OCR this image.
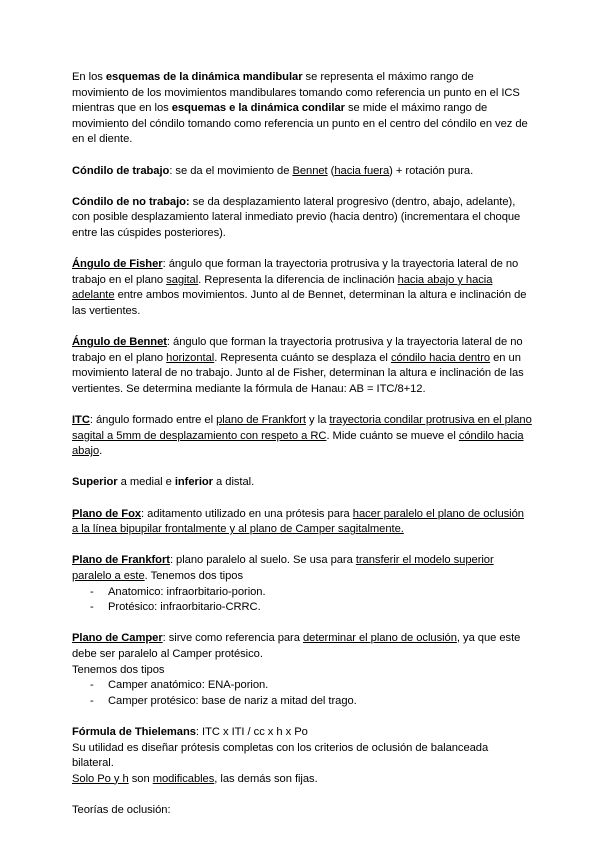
En los esquemas de la dinámica mandibular se representa el máximo rango de movimiento de los movimientos mandibulares tomando como referencia un punto en el ICS mientras que en los esquemas e la dinámica condilar se mide el máximo rango de movimiento del cóndilo tomando como referencia un punto en el centro del cóndilo en vez de en el diente.

Cóndilo de trabajo: se da el movimiento de Bennet (hacia fuera) + rotación pura.

Cóndilo de no trabajo: se da desplazamiento lateral progresivo (dentro, abajo, adelante), con posible desplazamiento lateral inmediato previo (hacia dentro) (incrementara el choque entre las cúspides posteriores).

Ángulo de Fisher: ángulo que forman la trayectoria protrusiva y la trayectoria lateral de no trabajo en el plano sagital. Representa la diferencia de inclinación hacia abajo y hacia adelante entre ambos movimientos. Junto al de Bennet, determinan la altura e inclinación de las vertientes.

Ángulo de Bennet: ángulo que forman la trayectoria protrusiva y la trayectoria lateral de no trabajo en el plano horizontal. Representa cuánto se desplaza el cóndilo hacia dentro en un movimiento lateral de no trabajo. Junto al de Fisher, determinan la altura e inclinación de las vertientes. Se determina mediante la fórmula de Hanau: AB = ITC/8+12.

ITC: ángulo formado entre el plano de Frankfort y la trayectoria condilar protrusiva en el plano sagital a 5mm de desplazamiento con respeto a RC. Mide cuánto se mueve el cóndilo hacia abajo.

Superior a medial e inferior a distal.

Plano de Fox: aditamento utilizado en una prótesis para hacer paralelo el plano de oclusión a la línea bipupilar frontalmente y al plano de Camper sagitalmente.

Plano de Frankfort: plano paralelo al suelo. Se usa para transferir el modelo superior paralelo a este. Tenemos dos tipos

- Anatomico: infraorbitario-porion.
- Protésico: infraorbitario-CRRC.

Plano de Camper: sirve como referencia para determinar el plano de oclusión, ya que este debe ser paralelo al Camper protésico.
Tenemos dos tipos

- Camper anatómico: ENA-porion.
- Camper protésico: base de nariz a mitad del trago.

Fórmula de Thielemans: ITC x ITI / cc x h x Po
Su utilidad es diseñar prótesis completas con los criterios de oclusión de balanceada bilateral.
Solo Po y h son modificables, las demás son fijas.

Teorías de oclusión:
